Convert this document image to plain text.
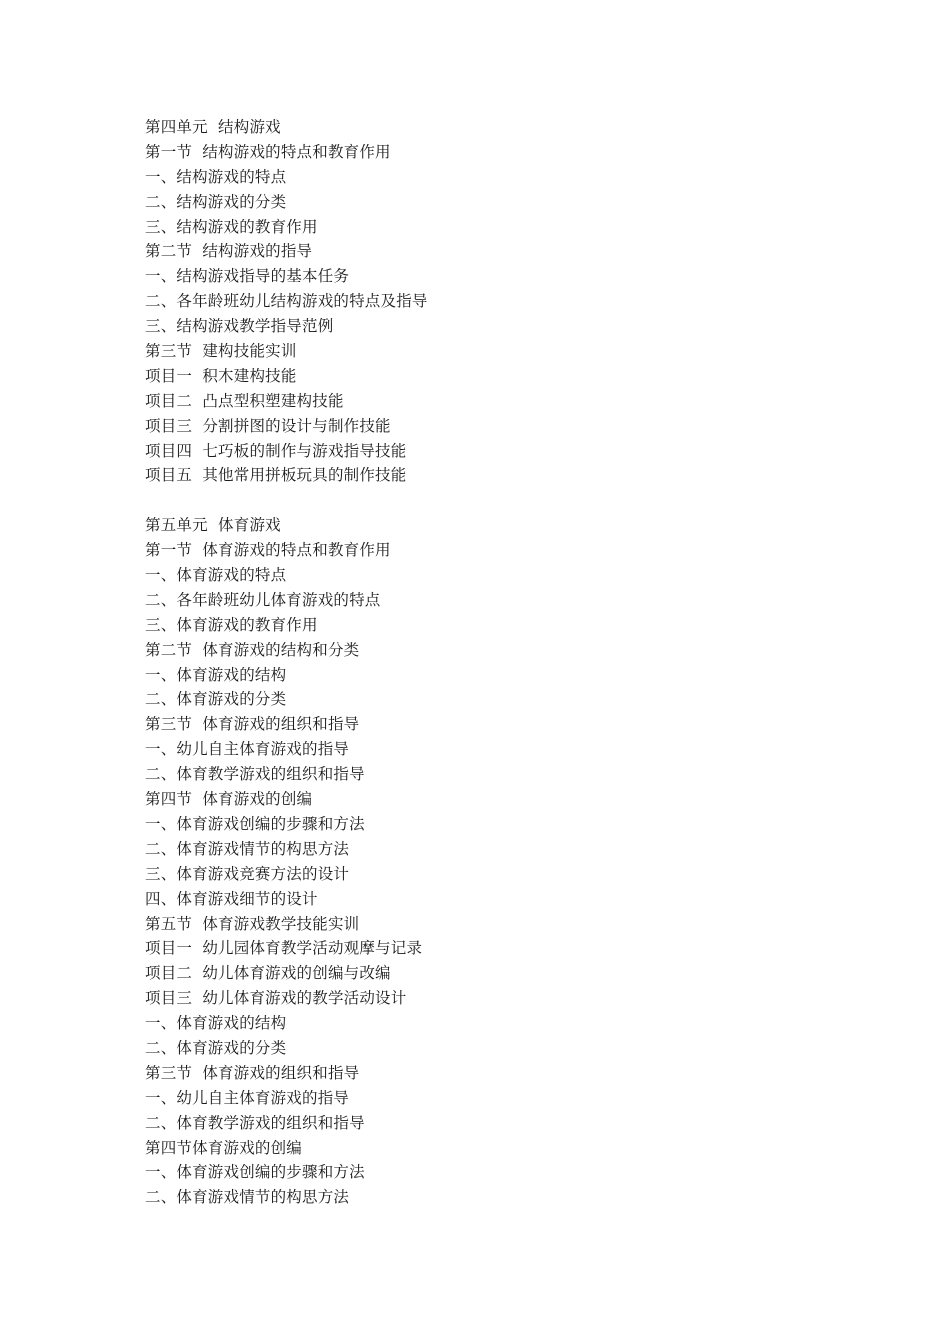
第四单元  结构游戏
第一节  结构游戏的特点和教育作用
一、结构游戏的特点
二、结构游戏的分类
三、结构游戏的教育作用
第二节  结构游戏的指导
一、结构游戏指导的基本任务
二、各年龄班幼儿结构游戏的特点及指导
三、结构游戏教学指导范例
第三节  建构技能实训
项目一  积木建构技能
项目二  凸点型积塑建构技能
项目三  分割拼图的设计与制作技能
项目四  七巧板的制作与游戏指导技能
项目五  其他常用拼板玩具的制作技能
第五单元  体育游戏
第一节  体育游戏的特点和教育作用
一、体育游戏的特点
二、各年龄班幼儿体育游戏的特点
三、体育游戏的教育作用
第二节  体育游戏的结构和分类
一、体育游戏的结构
二、体育游戏的分类
第三节  体育游戏的组织和指导
一、幼儿自主体育游戏的指导
二、体育教学游戏的组织和指导
第四节  体育游戏的创编
一、体育游戏创编的步骤和方法
二、体育游戏情节的构思方法
三、体育游戏竞赛方法的设计
四、体育游戏细节的设计
第五节  体育游戏教学技能实训
项目一  幼儿园体育教学活动观摩与记录
项目二  幼儿体育游戏的创编与改编
项目三  幼儿体育游戏的教学活动设计
一、体育游戏的结构
二、体育游戏的分类
第三节  体育游戏的组织和指导
一、幼儿自主体育游戏的指导
二、体育教学游戏的组织和指导
第四节体育游戏的创编
一、体育游戏创编的步骤和方法
二、体育游戏情节的构思方法
